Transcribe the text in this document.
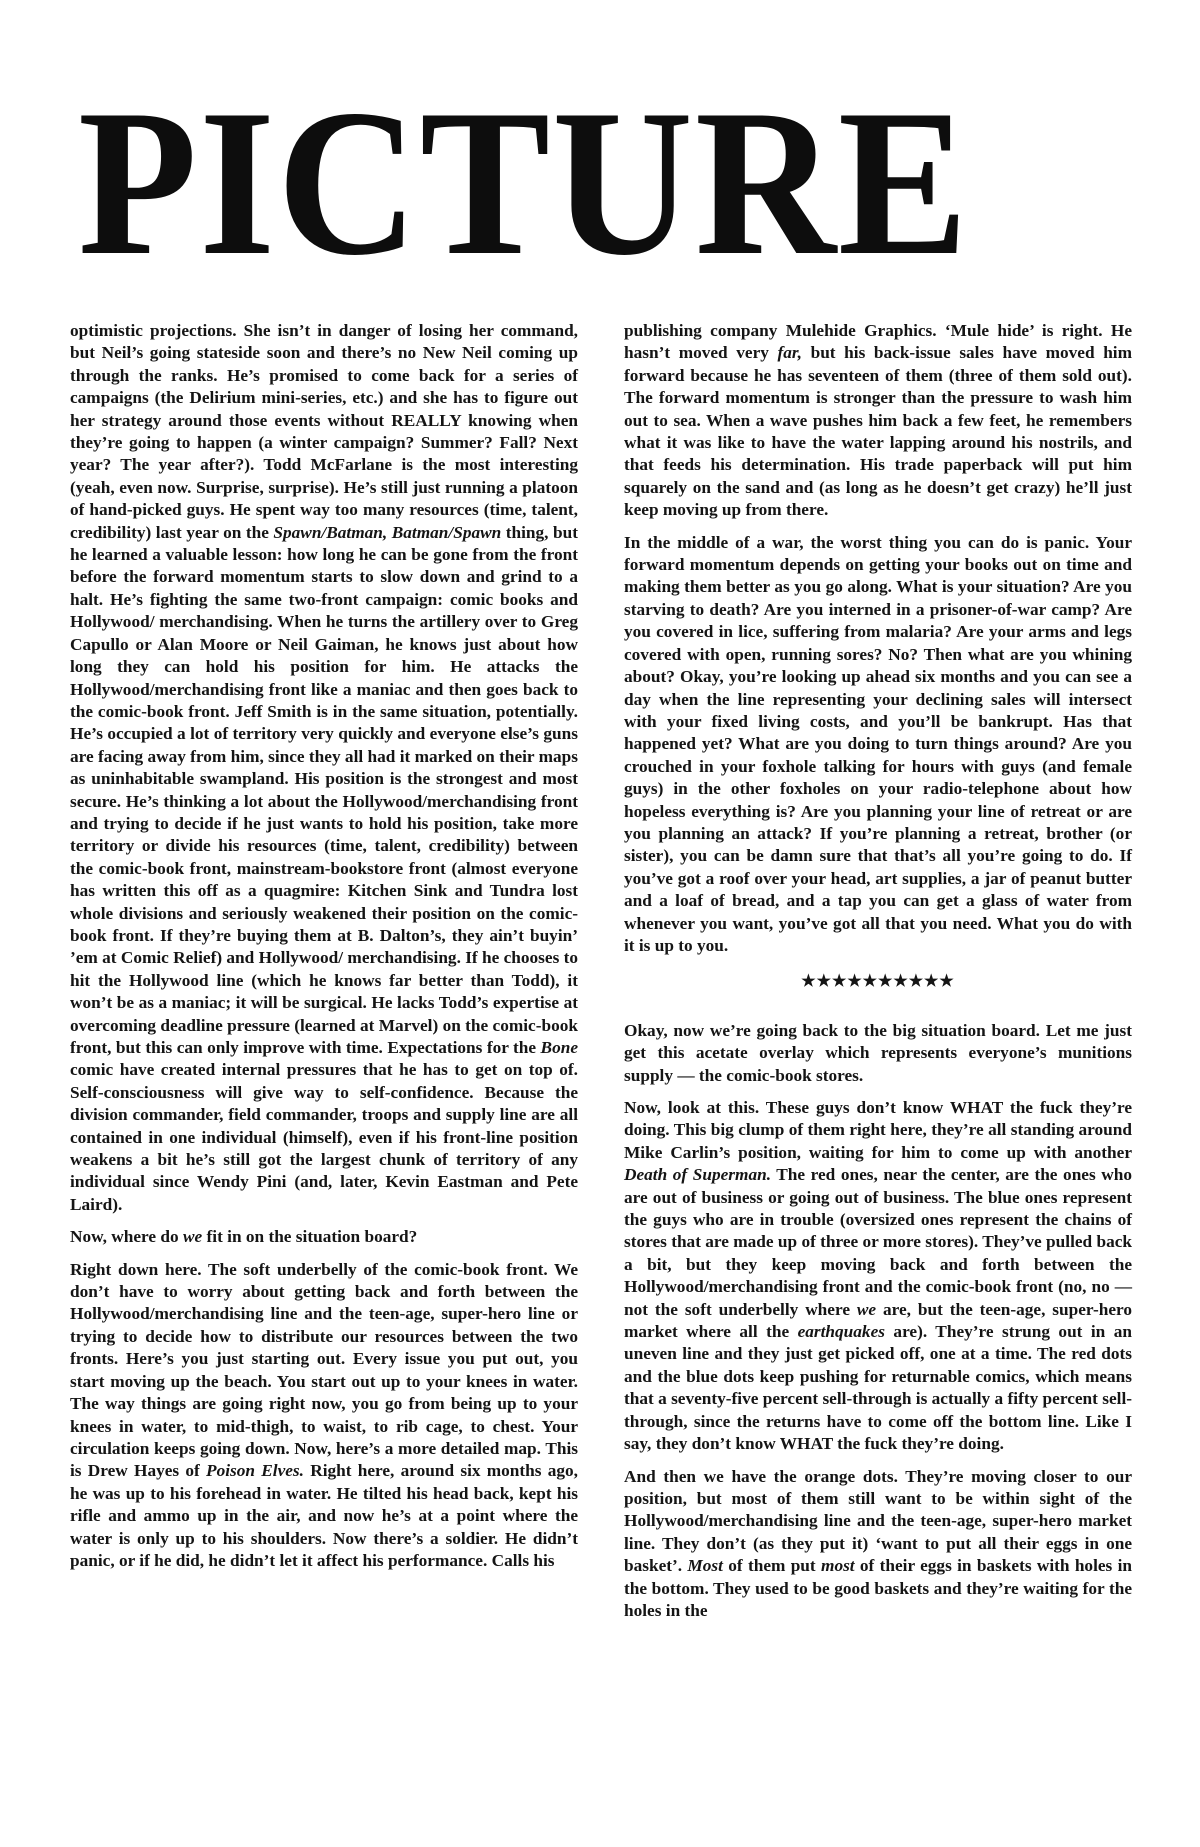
PICTURE

optimistic projections. She isn’t in danger of losing her command, but Neil’s going stateside soon and there’s no New Neil coming up through the ranks. He’s promised to come back for a series of campaigns (the Delirium mini-series, etc.) and she has to figure out her strategy around those events without REALLY knowing when they’re going to happen (a winter campaign? Summer? Fall? Next year? The year after?). Todd McFarlane is the most interesting (yeah, even now. Surprise, surprise). He’s still just running a platoon of hand-picked guys. He spent way too many resources (time, talent, credibility) last year on the Spawn/Batman, Batman/Spawn thing, but he learned a valuable lesson: how long he can be gone from the front before the forward momentum starts to slow down and grind to a halt. He’s fighting the same two-front campaign: comic books and Hollywood/ merchandising. When he turns the artillery over to Greg Capullo or Alan Moore or Neil Gaiman, he knows just about how long they can hold his position for him. He attacks the Hollywood/merchandising front like a maniac and then goes back to the comic-book front. Jeff Smith is in the same situation, potentially. He’s occupied a lot of territory very quickly and everyone else’s guns are facing away from him, since they all had it marked on their maps as uninhabitable swampland. His position is the strongest and most secure. He’s thinking a lot about the Hollywood/merchandising front and trying to decide if he just wants to hold his position, take more territory or divide his resources (time, talent, credibility) between the comic-book front, mainstream-bookstore front (almost everyone has written this off as a quagmire: Kitchen Sink and Tundra lost whole divisions and seriously weakened their position on the comic-book front. If they’re buying them at B. Dalton’s, they ain’t buyin’ ’em at Comic Relief) and Hollywood/ merchandising. If he chooses to hit the Hollywood line (which he knows far better than Todd), it won’t be as a maniac; it will be surgical. He lacks Todd’s expertise at overcoming deadline pressure (learned at Marvel) on the comic-book front, but this can only improve with time. Expectations for the Bone comic have created internal pressures that he has to get on top of. Self-consciousness will give way to self-confidence. Because the division commander, field commander, troops and supply line are all contained in one individual (himself), even if his front-line position weakens a bit he’s still got the largest chunk of territory of any individual since Wendy Pini (and, later, Kevin Eastman and Pete Laird).

Now, where do we fit in on the situation board?

Right down here. The soft underbelly of the comic-book front. We don’t have to worry about getting back and forth between the Hollywood/merchandising line and the teen-age, super-hero line or trying to decide how to distribute our resources between the two fronts. Here’s you just starting out. Every issue you put out, you start moving up the beach. You start out up to your knees in water. The way things are going right now, you go from being up to your knees in water, to mid-thigh, to waist, to rib cage, to chest. Your circulation keeps going down. Now, here’s a more detailed map. This is Drew Hayes of Poison Elves. Right here, around six months ago, he was up to his forehead in water. He tilted his head back, kept his rifle and ammo up in the air, and now he’s at a point where the water is only up to his shoulders. Now there’s a soldier. He didn’t panic, or if he did, he didn’t let it affect his performance. Calls his

publishing company Mulehide Graphics. ‘Mule hide’ is right. He hasn’t moved very far, but his back-issue sales have moved him forward because he has seventeen of them (three of them sold out). The forward momentum is stronger than the pressure to wash him out to sea. When a wave pushes him back a few feet, he remembers what it was like to have the water lapping around his nostrils, and that feeds his determination. His trade paperback will put him squarely on the sand and (as long as he doesn’t get crazy) he’ll just keep moving up from there.

In the middle of a war, the worst thing you can do is panic. Your forward momentum depends on getting your books out on time and making them better as you go along. What is your situation? Are you starving to death? Are you interned in a prisoner-of-war camp? Are you covered in lice, suffering from malaria? Are your arms and legs covered with open, running sores? No? Then what are you whining about? Okay, you’re looking up ahead six months and you can see a day when the line representing your declining sales will intersect with your fixed living costs, and you’ll be bankrupt. Has that happened yet? What are you doing to turn things around? Are you crouched in your foxhole talking for hours with guys (and female guys) in the other foxholes on your radio-telephone about how hopeless everything is? Are you planning your line of retreat or are you planning an attack? If you’re planning a retreat, brother (or sister), you can be damn sure that that’s all you’re going to do. If you’ve got a roof over your head, art supplies, a jar of peanut butter and a loaf of bread, and a tap you can get a glass of water from whenever you want, you’ve got all that you need. What you do with it is up to you.

★★★★★★★★★★

Okay, now we’re going back to the big situation board. Let me just get this acetate overlay which represents everyone’s munitions supply — the comic-book stores.

Now, look at this. These guys don’t know WHAT the fuck they’re doing. This big clump of them right here, they’re all standing around Mike Carlin’s position, waiting for him to come up with another Death of Superman. The red ones, near the center, are the ones who are out of business or going out of business. The blue ones represent the guys who are in trouble (oversized ones represent the chains of stores that are made up of three or more stores). They’ve pulled back a bit, but they keep moving back and forth between the Hollywood/merchandising front and the comic-book front (no, no — not the soft underbelly where we are, but the teen-age, super-hero market where all the earthquakes are). They’re strung out in an uneven line and they just get picked off, one at a time. The red dots and the blue dots keep pushing for returnable comics, which means that a seventy-five percent sell-through is actually a fifty percent sell-through, since the returns have to come off the bottom line. Like I say, they don’t know WHAT the fuck they’re doing.

And then we have the orange dots. They’re moving closer to our position, but most of them still want to be within sight of the Hollywood/merchandising line and the teen-age, super-hero market line. They don’t (as they put it) ‘want to put all their eggs in one basket’. Most of them put most of their eggs in baskets with holes in the bottom. They used to be good baskets and they’re waiting for the holes in the
